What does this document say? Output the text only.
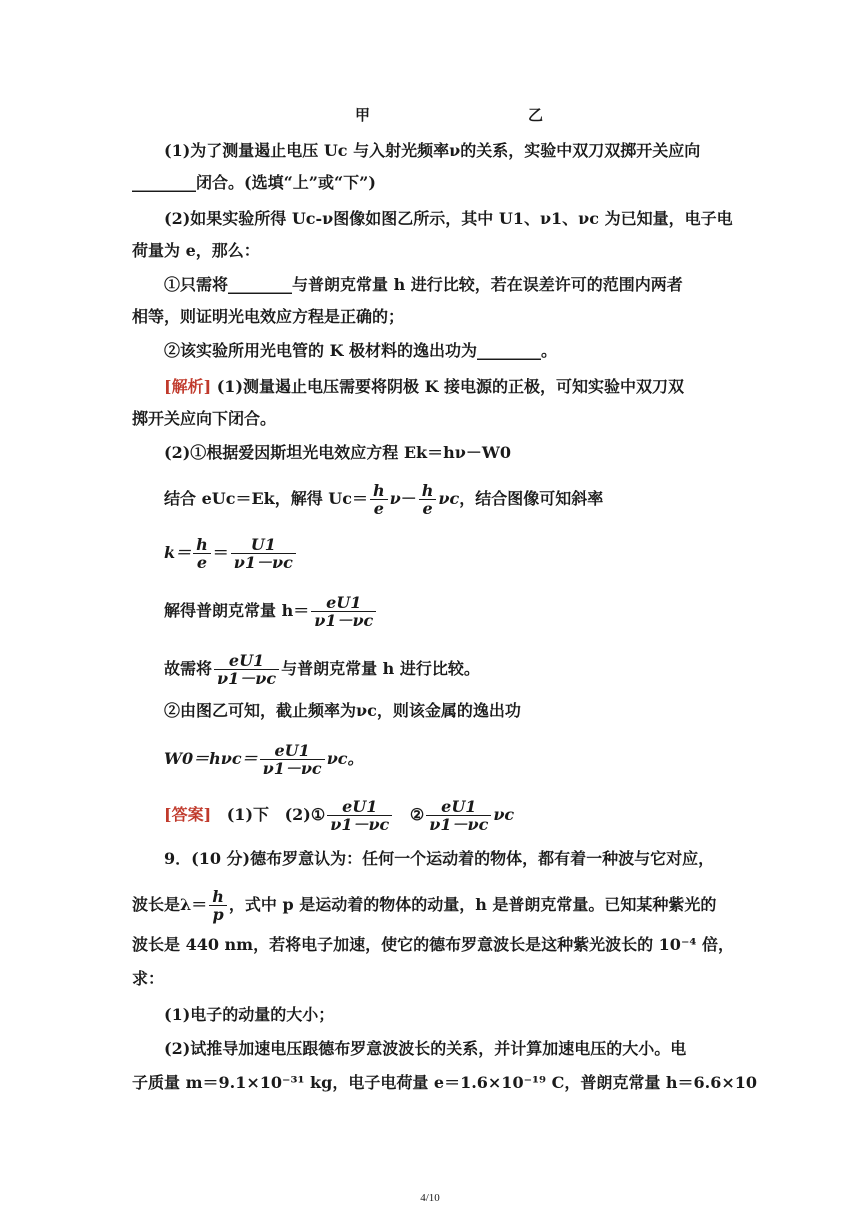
甲	乙
(1)为了测量遏止电压 Uc 与入射光频率ν的关系，实验中双刀双掷开关应向
________闭合。(选填“上”或“下”)
(2)如果实验所得 Uc-ν图像如图乙所示，其中 U1、ν1、νc 为已知量，电子电
荷量为 e，那么：
①只需将________与普朗克常量 h 进行比较，若在误差许可的范围内两者
相等，则证明光电效应方程是正确的；
②该实验所用光电管的 K 极材料的逸出功为________。
[解析] (1)测量遏止电压需要将阴极 K 接电源的正极，可知实验中双刀双
掷开关应向下闭合。
(2)①根据爱因斯坦光电效应方程 Ek＝hν－W0
结合 eUc＝Ek，解得 $Uc= \frac{h}{e} \nu- \frac{h}{e}$ νc，结合图像可知斜率
$k= \frac{h}{e} = \frac{U1}{\nu 1-\nu c}$
解得普朗克常量 $h= \frac{eU1}{\nu 1-\nu c}$
故需将 $\frac{eU1}{\nu 1-\nu c}$ 与普朗克常量 h 进行比较。
②由图乙可知，截止频率为νc，则该金属的逸出功
$W0=h\nu c= \frac{eU1}{\nu 1-\nu c}$ νc。
[答案] (1)下 (2)① $\frac{eU1}{\nu 1-\nu c}$ ② $\frac{eU1}{\nu 1-\nu c}$ νc
9．(10 分)德布罗意认为：任何一个运动着的物体，都有着一种波与它对应，
波长是$\lambda= \frac{h}{p}$ ，式中 p 是运动着的物体的动量，h 是普朗克常量。已知某种紫光的
波长是 440 nm，若将电子加速，使它的德布罗意波长是这种紫光波长的 10⁻⁴ 倍，
求：
(1)电子的动量的大小；
(2)试推导加速电压跟德布罗意波波长的关系，并计算加速电压的大小。电
子质量 m＝9.1×10⁻³¹ kg，电子电荷量 e＝1.6×10⁻¹⁹ C，普朗克常量 h＝6.6×10
4/10
